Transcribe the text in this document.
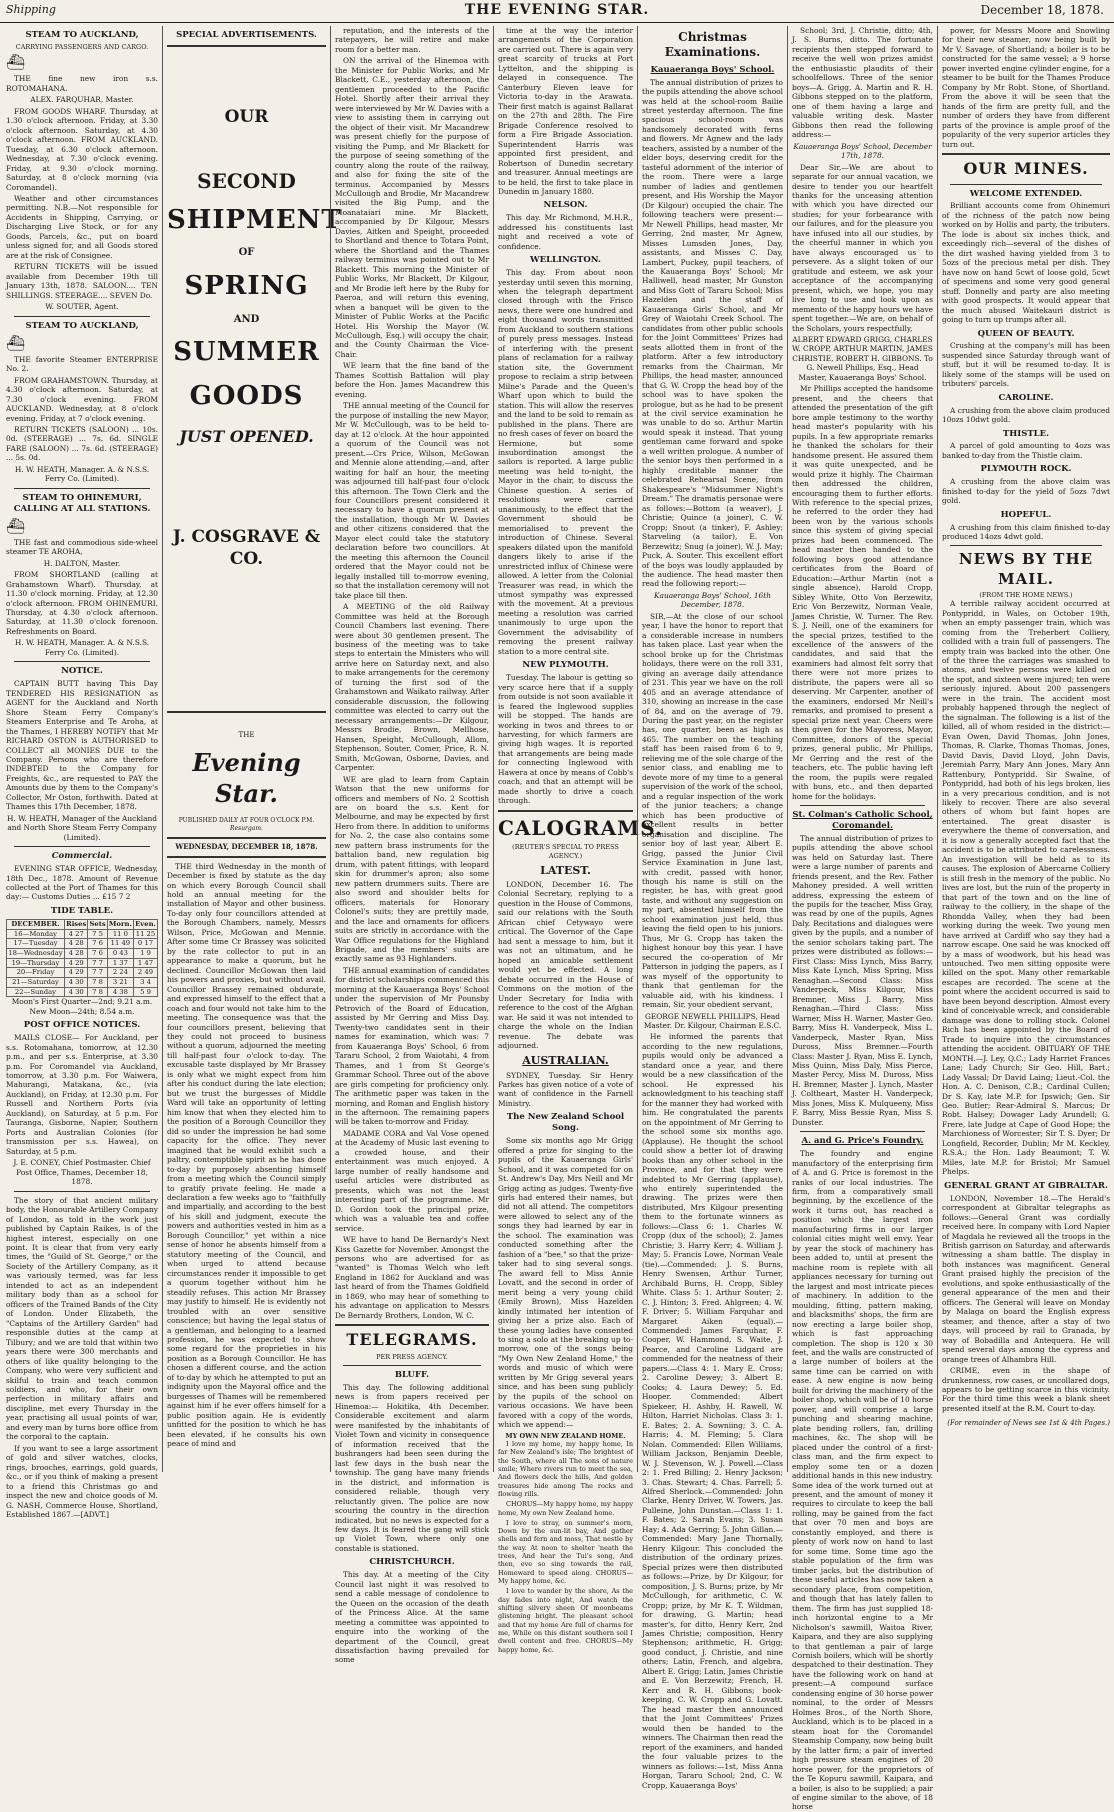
Shipping	THE EVENING STAR.	December 18, 1878.
STEAM TO AUCKLAND,
CARRYING PASSENGERS AND CARGO.
⛴

THE fine new iron s.s. ROTOMAHANA.

ALEX. FARQUHAR, Master.

FROM GOODS WHARF. Thursday, at 1.30 o'clock afternoon. Friday, at 3.30 o'clock afternoon. Saturday, at 4.30 o'clock afternoon. FROM AUCKLAND. Tuesday, at 6.30 o'clock afternoon. Wednesday, at 7.30 o'clock evening. Friday, at 9.30 o'clock morning. Saturday, at 8 o'clock morning (via Coromandel).

Weather and other circumstances permitting. N.B.—Not responsible for Accidents in Shipping, Carrying, or Discharging Live Stock, or for any Goods, Parcels, &c., put on board unless signed for, and all Goods stored are at the risk of Consignee.

RETURN TICKETS will be issued available from December 19th till January 13th, 1878. SALOON.... TEN SHILLINGS. STEERAGE.... SEVEN Do.

W. SOUTER, Agent.

STEAM TO AUCKLAND,
⛴

THE favorite Steamer ENTERPRISE No. 2.

FROM GRAHAMSTOWN. Thursday, at 4.30 o'clock afternoon. Saturday, at 7.30 o'clock evening. FROM AUCKLAND. Wednesday, at 8 o'clock evening. Friday, at 7 o'clock evening.

RETURN TICKETS (SALOON) ... 10s. 0d. (STEERAGE) ... 7s. 6d. SINGLE FARE (SALOON) ... 7s. 6d. (STEERAGE) ... 5s. 0d.

H. W. HEATH, Manager. A. & N.S.S. Ferry Co. (Limited).

STEAM TO OHINEMURI, CALLING AT ALL STATIONS.
⛴

THE fast and commodious side-wheel steamer TE AROHA,

H. DALTON, Master.

FROM SHORTLAND (calling at Grahamstown Wharf). Thursday, at 11.30 o'clock morning. Friday, at 12.30 o'clock afternoon. FROM OHINEMURI. Thursday, at 4.30 o'clock afternoon. Saturday, at 11.30 o'clock forenoon. Refreshments on Board.

H. W. HEATH, Manager. A. & N.S.S. Ferry Co. (Limited).

NOTICE.

CAPTAIN BUTT having This Day TENDERED HIS RESIGNATION as AGENT for the Auckland and North Shore Steam Ferry Company's Steamers Enterprise and Te Aroha, at the Thames, I HEREBY NOTIFY that Mr RICHARD OSTON is AUTHORISED to COLLECT all MONIES DUE to the Company. Persons who are therefore INDEBTED to the Company for Freights, &c., are requested to PAY the Amounts due by them to the Company's Collector, Mr Oston, forthwith. Dated at Thames this 17th December, 1878.

H. W. HEATH, Manager of the Auckland and North Shore Steam Ferry Company (Limited).

Commercial.

EVENING STAR OFFICE, Wednesday, 18th Dec., 1878. Amount of Revenue collected at the Port of Thames for this day:— Customs Duties ... £15 7 2

TIDE TABLE.
DECEMBER.	Rises	Sets	Morn.	Even.
16—Monday	4 27	7 5	11 0	11 25
17—Tuesday	4 28	7 6	11 49	0 17
18—Wednesday	4 28	7 6	0 43	1 9
19—Thursday	4 29	7 7	1 37	1 47
20—Friday	4 29	7 7	2 24	2 49
21—Saturday	4 30	7 8	3 21	3 4
22—Sunday	4 30	7 8	4 38	5 9

Moon's First Quarter—2nd; 9.21 a.m. New Moon—24th; 8.54 a.m.

POST OFFICE NOTICES.

MAILS CLOSE— For Auckland, per s.s. Rotomahana, tomorrow, at 12.30 p.m., and per s.s. Enterprise, at 3.30 p.m. For Coromandel via Auckland, tomorrow, at 3.30 p.m. For Waiwera, Mahurangi, Matakana, &c., (via Auckland), on Friday, at 12.30 p.m. For Russell and Northern Ports (via Auckland), on Saturday, at 5 p.m. For Tauranga, Gisborne, Napier, Southern Ports and Australian Colonies (for transmission per s.s. Hawea), on Saturday, at 5 p.m.

J. E. CONEY, Chief Postmaster. Chief Post Office, Thames, December 18, 1878.

The story of that ancient military body, the Honourable Artillery Company of London, as told in the work just published by Captain Raikes, is of the highest interest, especially on one point. It is clear that from very early times, the "Guild of St. George," or the Society of the Artillery Company, as it was variously termed, was far less intended to act as an independent military body than as a school for officers of the Trained Bands of the City of London. Under Elizabeth, the "Captains of the Artillery Garden" had responsible duties at the camp at Tilbury; and we are told that within two years there were 300 merchants and others of like quality belonging to the Company, who were very sufficient and skilful to train and teach common soldiers, and who, for their own perfection in military affairs and discipline, met every Thursday in the year, practising all usual points of war, and every man by turns bore office from the corporal to the captain.

If you want to see a large assortment of gold and silver watches, clocks, rings, brooches, earrings, gold guards, &c., or if you think of making a present to a friend this Christmas go and inspect the new and choice goods of M. G. NASH, Commerce House, Shortland, Established 1867.—[ADVT.]

SPECIAL ADVERTISEMENTS.
OUR
SECOND
SHIPMENT
OF
SPRING
AND
SUMMER
GOODS
JUST OPENED.
J. COSGRAVE & CO.
THE
Evening Star.
PUBLISHED DAILY AT FOUR O'CLOCK P.M.
Resurgam.
WEDNESDAY, DECEMBER 18, 1878.

THE third Wednesday in the month of December is fixed by statute as the day on which every Borough Council shall hold an annual meeting for the installation of Mayor and other business. To-day only four councillors attended at the Borough Chambers, namely, Messrs Wilson, Price, McGowan and Mennie. After some time Cr Brassey was solicited by the rate collector to put in an appearance to make a quorum, but he declined. Councillor McGowan then laid his powers and proxies, but without avail. Councillor Brassey remained obdurate, and expressed himself to the effect that a coach and four would not take him to the meeting. The consequence was that the four councillors present, believing that they could not proceed to business without a quorum, adjourned the meeting till half-past four o'clock to-day. The excusable taste displayed by Mr Brassey is only what we might expect from him after his conduct during the late election; but we trust the burgesses of Middle Ward will take an opportunity of letting him know that when they elected him to the position of a Borough Councillor they did so under the impression he had some capacity for the office. They never imagined that he would exhibit such a paltry, contemptible spirit as he has done to-day by purposely absenting himself from a meeting which the Council simply to gratify private feeling. He made a declaration a few weeks ago to "faithfully and impartially, and according to the best of his skill and judgment, execute the powers and authorities vested in him as a Borough Councillor," yet within a nice sense of honor he absents himself from a statutory meeting of the Council, and when urged to attend because circumstances render it impossible to get a quorum together without him he steadily refuses. This action Mr Brassey may justify to himself. He is evidently not troubled with an over sensitive conscience; but having the legal status of a gentleman, and belonging to a learned profession, he was expected to show some regard for the proprieties in his position as a Borough Councillor. He has chosen a different course, and the action of to-day by which he attempted to put an indignity upon the Mayoral office and the burgesses of Thames will be remembered against him if he ever offers himself for a public position again. He is evidently unfitted for the position to which he has been elevated, if he consults his own peace of mind and

reputation, and the interests of the ratepayers, he will retire and make room for a better man.

ON the arrival of the Hinemoa with the Minister for Public Works, and Mr Blackett, C.E., yesterday afternoon, the gentlemen proceeded to the Pacific Hotel. Shortly after their arrival they were interviewed by Mr W. Davies with a view to assisting them in carrying out the object of their visit. Mr Macandrew was present chiefly for the purpose of visiting the Pump, and Mr Blackett for the purpose of seeing something of the country along the route of the railway, and also for fixing the site of the terminus. Accompanied by Messrs McCullough and Brodie, Mr Macandrew visited the Big Pump, and the Moanataiari mine. Mr Blackett, accompanied by Dr Kilgour, Messrs Davies, Aitken and Speight, proceeded to Shortland and thence to Totara Point, where the Shortland and the Thames railway terminus was pointed out to Mr Blackett. This morning the Minister of Public Works, Mr Blackett, Dr Kilgour, and Mr Brodie left here by the Ruby for Paeroa, and will return this evening, when a banquet will be given to the Minister of Public Works at the Pacific Hotel. His Worship the Mayor (W. McCullough, Esq.) will occupy the chair, and the County Chairman the Vice-Chair.

WE learn that the fine band of the Thames Scottish Battalion will play before the Hon. James Macandrew this evening.

THE annual meeting of the Council for the purpose of installing the new Mayor, Mr W. McCullough, was to be held to-day at 12 o'clock. At the hour appointed a quorum of the Council was not present.—Crs Price, Wilson, McGowan and Mennie alone attending,—and, after waiting for half an hour, the meeting was adjourned till half-past four o'clock this afternoon. The Town Clerk and the four Councillors present considered it necessary to have a quorum present at the installation, though Mr W. Davies and other citizens considered that the Mayor elect could take the statutory declaration before two councillors. At the meeting this afternoon the Council ordered that the Mayor could not be legally installed till to-morrow evening, so that the installation ceremony will not take place till then.

A MEETING of the old Railway Committee was held at the Borough Council Chambers last evening. There were about 30 gentlemen present. The business of the meeting was to take steps to entertain the Ministers who will arrive here on Saturday next, and also to make arrangements for the ceremony of turning the first sod of the Grahamstown and Waikato railway. After considerable discussion, the following committee was elected to carry out the necessary arrangements:—Dr Kilgour, Messrs Brodie, Brown, Mellhose, Hansen, Speight, McCullough, Allom, Stephenson, Souter, Comer, Price, R. N. Smith, McGowan, Osborne, Davies, and Carpenter.

WE are glad to learn from Captain Watson that the new uniforms for officers and members of No. 2 Scottish are on board the s.s. Kent for Melbourne, and may be expected by first Hero from there. In addition to uniforms for No. 2, the case also contains some new pattern brass instruments for the battalion band, new regulation big drum, with patent fittings, with leopard skin for drummer's apron; also some new pattern drummers suits. There are also sword and shoulder belts for officers, materials for Honorary Colonel's suits; they are prettily made, and the lace and ornaments for officers suits are strictly in accordance with the War Office regulations for the Highland Brigade, and the members' suits are exactly same as 93 Highlanders.

THE annual examination of candidates for district scholarships commenced this morning at the Kauaeranga Boys' School under the supervision of Mr Pounsby Petrovich of the Board of Education, assisted by Mr Gerring and Miss Day. Twenty-two candidates sent in their names for examination, which was: 7 from Kauaeranga Boys' School, 6 from Tararu School, 2 from Waiotahi, 4 from Thames, and 1 from St George's Grammar School. Three out of the above are girls competing for proficiency only. The arithmetic paper was taken in the morning, and Roman and English history in the afternoon. The remaining papers will be taken to-morrow and Friday.

MADAME CORA and Val Vose opened at the Academy of Music last evening to a crowded house, and their entertainment was much enjoyed. A large number of really handsome and useful articles were distributed as presents, which was not the least interesting part of the programme. Mr D. Gordon took the principal prize, which was a valuable tea and coffee service.

WE have to hand De Bernardy's Next Kiss Gazette for November. Amongst the persons who are advertised for as "wanted" is Thomas Welch who left England in 1862 for Auckland and was last heard of from the Thames Goldfield in 1869, who may hear of something to his advantage on application to Messrs De Bernardy Brothers, London, W. C.

TELEGRAMS.
PER PRESS AGENCY.
BLUFF.

This day. The following additional news is from papers received per Hinemoa:— Hokitika, 4th December. Considerable excitement and alarm were manifested by the inhabitants of Violet Town and vicinity in consequence of information received that the bushrangers had been seen during the last few days in the bush near the township. The gang have many friends in the district, and information is considered reliable, though very reluctantly given. The police are now scouring the country in the direction indicated, but no news is expected for a few days. It is feared the gang will stick up Violet Town, where only one constable is stationed.

CHRISTCHURCH.

This day. At a meeting of the City Council last night it was resolved to send a cable message of condolence to the Queen on the occasion of the death of the Princess Alice. At the same meeting a committee was appointed to enquire into the working of the department of the Council, great dissatisfaction having prevailed for some

time at the way the interior arrangements of the Corporation are carried out. There is again very great scarcity of trucks at Port Lyttelton, and the shipping is delayed in consequence. The Canterbury Eleven leave for Victoria to-day in the Arawata. Their first match is against Ballarat on the 27th and 28th. The Fire Brigade Conference resolved to form a Fire Brigade Association. Superintendent Harris was appointed first president, and Robertson of Dunedin secretary and treasurer. Annual meetings are to be held, the first to take place in Dunedin in January 1880.

NELSON.

This day. Mr Richmond, M.H.R., addressed his constituents last night and received a vote of confidence.

WELLINGTON.

This day. From about noon yesterday until seven this morning, when the telegraph department closed through with the Frisco news, there were one hundred and eight thousand words transmitted from Auckland to southern stations of purely press messages. Instead of interfering with the present plans of reclamation for a railway station site, the Government propose to reclaim a strip between Milne's Parade and the Queen's Wharf upon which to build the station. This will allow the reserves and the land to be sold to remain as published in the plans. There are no fresh cases of fever on board the Hermione, but some insubordination amongst the sailors is reported. A large public meeting was held to-night, the Mayor in the chair, to discuss the Chinese question. A series of resolutions were carried unanimously, to the effect that the Government should be memorialised to prevent the introduction of Chinese. Several speakers dilated upon the manifold dangers likely to arise if the unrestricted influx of Chinese were allowed. A letter from the Colonial Treasurer was read, in which the utmost sympathy was expressed with the movement. At a previous meeting a resolution was carried unanimously to urge upon the Government the advisability of removing the present railway station to a more central site.

NEW PLYMOUTH.

Tuesday. The labour is getting so very scarce here that if a supply from outside is not soon available it is feared the Inglewood supplies will be stopped. The hands are working in twos and threes to or harvesting, for which farmers are giving high wages. It is reported that arrangements are being made for connecting Inglewood with Hawera at once by means of Cobb's coach, and that an attempt will be made shortly to drive a coach through.

CALOGRAMS.
(REUTER'S SPECIAL TO PRESS AGENCY.)
LATEST.

LONDON, December 16. The Colonial Secretary, replying to a question in the House of Commons, said our relations with the South African chief Cetywayo were critical. The Governor of the Cape had sent a message to him, but it was not an ultimatum, and he hoped an amicable settlement would yet be effected. A long debate occurred in the House of Commons on the motion of the Under Secretary for India with reference to the cost of the Afghan war. He said it was not intended to charge the whole on the Indian revenue. The debate was adjourned.

AUSTRALIAN.

SYDNEY, Tuesday. Sir Henry Parkes has given notice of a vote of want of confidence in the Farnell Ministry.

The New Zealand School Song.

Some six months ago Mr Grigg offered a prize for singing to the pupils of the Kauaeranga Girls' School, and it was competed for on St. Andrew's Day, Mrs Neill and Mr Grigg acting as judges. Twenty-five girls had entered their names, but did not all attend. The competitors were allowed to select any of the songs they had learned by ear in the school. The examination was conducted something after the fashion of a "bee," so that the prize-taker had to sing several songs. The award fell to Miss Annie Lovatt, and the second in order of merit being a very young child (Emily Brown), Miss Hazelden kindly intimated her intention of giving her a prize also. Each of these young ladies have consented to sing a solo at the breaking up to-morrow, one of the songs being "My Own New Zealand Home," the words and music of which were written by Mr Grigg several years since, and has been sung publicly by the pupils of the school on various occasions. We have been favored with a copy of the words, which we append:—

MY OWN NEW ZEALAND HOME.

I love my home, my happy home, In far New Zealand's isle; The brightest of the South, where all The sons of nature smile; Where rivers run to meet the sea, And flowers deck the hills, And golden treasures hide among The rocks and flowing rills.

CHORUS—My happy home, my happy home, My own New Zealand home.

I love to stray, on summer's morn, Down by the sun-lit bay, And gather shells and fern and moss, That nestle by the way. At noon to shelter 'neath the trees, And hear the Tui's song, And then, eve so sing towards the rail, Homeward to speed along. CHORUS—My happy home, &c.

I love to wander by the shore, As the day fades into night, And watch the shifting silvery sheen Of moonbeams glistening bright. The pleasant school and that my home Are full of charms for me, While on this distant southern soil I dwell content and free. CHORUS—My happy home, &c.

Christmas Examinations.
Kauaeranga Boys' School.

The annual distribution of prizes to the pupils attending the above school was held at the school-room Bailie street yesterday afternoon. The fine spacious school-room was handsomely decorated with ferns and flowers. Mr Agnew and the lady teachers, assisted by a number of the elder boys, deserving credit for the tasteful adornment of the interior of the room. There were a large number of ladies and gentlemen present, and His Worship the Mayor (Dr Kilgour) occupied the chair. The following teachers were present:—Mr Newell Phillips, head master, Mr Gerring, 2nd master, Mr Agnew, Misses Lumsden Jones, Day, assistants, and Misses C. Day, Lambert, Puckey, pupil teachers, of the Kauaeranga Boys' School; Mr Halliwell, head master, Mr Gunston and Miss Gott of Tararu School; Miss Hazelden and the staff of Kauaeranga Girls' School, and Mr Grey of Waiotahi Creek School. The candidates from other public schools for the Joint Committees' Prizes had seats allotted them in front of the platform. After a few introductory remarks from the Chairman, Mr Phillips, the head master, announced that G. W. Cropp the head boy of the school was to have spoken the prologue, but as he had to be present at the civil service examination he was unable to do so. Arthur Martin would speak it instead. That young gentleman came forward and spoke a well written prologue. A number of the senior boys then performed in a highly creditable manner the celebrated Rehearsal Scene, from Shakespeare's "Midsummer Night's Dream." The dramatis personae were as follows:—Bottom (a weaver), J. Christie; Quince (a joiner), C. W. Cropp; Snout (a tinker), F. Ashley; Starveling (a tailor), E. Von Berzewitz; Snug (a joiner), W. J. May; Puck, A. Souter. This excellent effort of the boys was loudly applauded by the audience. The head master then read the following report:—

Kauaeranga Boys' School, 16th December, 1878.

SIR,—At the close of our school year, I have the honor to report that a considerable increase in numbers has taken place. Last year when the school broke up for the Christmas holidays, there were on the roll 331, giving an average daily attendance of 231. This year we have on the roll 405 and an average attendance of 310, showing an increase in the case of 84, and on the average of 79. During the past year, on the register has, one quarter, been as high as 465. The number on the teaching staff has been raised from 6 to 9, relieving me of the sole charge of the senior class, and enabling me to devote more of my time to a general supervision of the work of the school, and a regular inspection of the work of the junior teachers; a change which has been productive of excellent results in better organisation and discipline. The senior boy of last year, Albert E. Grigg, passed the Junior Civil Service Examination in June last, with credit, passed with honor, though his name is still on the register, he has, with great good taste, and without any suggestion on my part, absented himself from the school examination just held, thus leaving the field open to his juniors. Thus, Mr G. Cropp has taken the highest honour boy this year. I have secured the co-operation of Mr Patterson in judging the papers, as I was myself of the opportunity to thank that gentleman for the valuable aid, with his kindness. I remain, Sir, your obedient servant,

GEORGE NEWELL PHILLIPS, Head Master. Dr. Kilgour, Chairman E.S.C.

He informed the parents that according to the new regulations, pupils would only be advanced a standard once a year, and there would be a new classification of the school. He expressed his acknowledgment to his teaching staff for the manner they had worked with him. He congratulated the parents on the appointment of Mr Gerring to the school some six months ago. (Applause). He thought the school could show a better lot of drawing books than any other school in the Province, and for that they were indebted to Mr Gerring (applause), who entirely superintended the drawing. The prizes were then distributed, Mrs Kilgour presenting them to the fortunate winners as follows:—Class 6: 1. Charles W. Cropp (dux of the school); 2. James Christie; 3. Harry Kerr; 4. William J. May; 5. Francis Lowe, Norman Veale (tie).—Commended: J. S. Burns, Henry Swensen, Arthur Turner, Archibald Burns, H. Cropp, Sibley White. Class 5: 1. Arthur Souter; 2. C. J. Hinton; 3. Fred. Ahlgreen; 4. W. F. Driver; 5. William Farquhar and Margaret Aiken (equal).—Commended: James Farquhar, F. Cooper, W. Hammond, S. Waite, J. Pearce, and Caroline Lidgard are commended for the neatness of their papers.—Class 4: 1. Mary E. Cross; 2. Caroline Dewey; 3. Albert E. Cooks; 4. Laura Dewey; 5. Ed. Hooper. Commended: Albert Spiekeer, H. Ashby, H. Rawell, W. Hilton, Harriet Nicholas. Class 3: 1. E. Bates; 2. A. Sowniing; 3. C. A. Harris; 4. M. Fleming; 5. Clara Nolan. Commended: Ellen Williams, William Jackson, Benjamin Deeble, W. J. Stevenson, W. J. Powell.—Class 2: 1. Fred Billing; 2. Henry Jackson; 3. Chas. Stewart; 4. Chas. Farrell; 5. Alfred Sherlock.—Commended: John Clarke, Henry Driver, W. Towers, Jas. Pulleine, John Dunstan.—Class 1: 1. F. Bates; 2. Sarah Evans; 3. Susan Hay; 4. Ada Gerring; 5. John Gillan.—Commended: Mary Jane Thornally, Henry Kilgour. This concluded the distribution of the ordinary prizes. Special prizes were then distributed as follows:—Prize, by Dr Kilgour, for composition, J. S. Burns; prize, by Mr McCullough, for arithmetic, C. W. Cropp; prize, by Mr K. T. Wildman, for drawing, G. Martin; head master's, for ditto, Henry Kerr, 2nd James Christie; composition, Henry Stephenson; arithmetic, H. Grigg; good conduct, J. Christie, and nine others; Latin, French, and algebra, Albert E. Grigg; Latin, James Christie and E. Von Berzewitz; French, H. Kerr and R. H. Gibbons; book-keeping, C. W. Cropp and G. Lovatt. The head master then announced that the Joint Committees' Prizes would then be handed to the winners. The Chairman then read the report of the examiners, and handed the four valuable prizes to the winners as follows:—1st, Miss Anna Horgan, Tararu School; 2nd, C. W. Cropp, Kauaeranga Boys'

School; 3rd, J. Christie, ditto; 4th, J. S. Burns, ditto. The fortunate recipients then stepped forward to receive the well won prizes amidst the enthusiastic plaudits of their schoolfellows. Three of the senior boys—A. Grigg, A. Martin and R. H. Gibbons stepped on to the platform, one of them having a large and valuable writing desk. Master Gibbons then read the following address:—

Kauaeranga Boys' School, December 17th, 1878.

Dear Sir,—We are about to separate for our annual vacation, we desire to tender you our heartfelt thanks for the unceasing attention with which you have directed our studies; for your forbearance with our failures, and for the pleasure you have infused into all our studies, by the cheerful manner in which you have always encouraged us to persevere. As a slight token of our gratitude and esteem, we ask your acceptance of the accompanying present, which, we hope, you may live long to use and look upon as memento of the happy hours we have spent together.—We are, on behalf of the Scholars, yours respectfully,

ALBERT EDWARD GRIGG, CHARLES W. CROPP, ARTHUR MARTIN, JAMES CHRISTIE, ROBERT H. GIBBONS. To G. Newell Phillips, Esq., Head Master, Kauaeranga Boys' School.

Mr Phillips accepted the handsome present, and the cheers that attended the presentation of the gift bore ample testimony to the worthy head master's popularity with his pupils. In a few appropriate remarks he thanked the scholars for their handsome present. He assured them it was quite unexpected, and he would prize it highly. The Chairman then addressed the children, encouraging them to further efforts. With reference to the special prizes, he referred to the order they had been won by the various schools since this system of giving special prizes had been commenced. The head master then handed to the following boys good attendance certificates from the Board of Education:—Arthur Martin (not a single absence), Harold Cropp, Sibley White, Otto Von Berzewitz, Eric Von Berzewitz, Norman Veale, James Christie, W. Turner. The Rev. S. J. Neill, one of the examiners for the special prizes, testified to the excellence of the answers of the candidates, and said that the examiners had almost felt sorry that there were not more prizes to distribute, the papers were all so deserving. Mr Carpenter, another of the examiners, endorsed Mr Neill's remarks, and promised to present a special prize next year. Cheers were then given for the Mayoress, Mayor, Committee, donors of the special prizes, general public, Mr Phillips, Mr Gerring and the rest of the teachers, etc. The public having left the room, the pupils were regaled with buns, etc., and then departed home for the holidays.

St. Colman's Catholic School, Coromandel.

The annual distribution of prizes to pupils attending the above school was held on Saturday last. There were a large number of parents and friends present, and the Rev. Father Mahoney presided. A well written address, expressing the esteem of the pupils for the teacher, Miss Gray, was read by one of the pupils, Agnes Daly. Recitations and dialogues were given by the pupils, and a number of the senior scholars taking part. The prizes were distributed as follows:—First Class: Miss Lynch, Miss Barry, Miss Kate Lynch, Miss Spring, Miss Renaghan.—Second Class: Miss Vanderpeck, Miss Kilgour, Miss Bremner, Miss J. Barry, Miss Renaghan.—Third Class: Miss Warner, Miss H. Warner, Master Geo. Barry, Miss H. Vanderpeck, Miss L. Vanderpeck, Master Ryan, Miss Duross, Miss Bremner.—Fourth Class: Master J. Ryan, Miss E. Lynch, Miss Quinn, Miss Daly, Miss Pierce, Master Percy, Miss M. Duross, Miss H. Bremner, Master J. Lynch, Master J. Coltheart, Master H. Vanderpeck, Miss Jones, Miss K. Mulqueeny, Miss F. Barry, Miss Bessie Ryan, Miss S. Dunster.

A. and G. Price's Foundry.

The foundry and engine manufactory of the enterprising firm of A. and G. Price is foremost in the ranks of our local industries. The firm, from a comparatively small beginning, by the excellence of the work it turns out, has reached a position which the largest iron manufacturing firms in our larger colonial cities might well envy. Year by year the stock of machinery has been added to, until at present the machine room is replete with all appliances necessary for turning out the largest and most intricate pieces of machinery. In addition to the moulding, fitting, pattern making, and blacksmiths' shops, the firm are now erecting a large boiler shop, which is fast approaching completion. The shop is 120 x 30 feet, and the walls are constructed of a large number of boilers at the same time can be carried on with ease. A new engine is now being built for driving the machinery of the boiler shop, which will be of 10 horse power, and will comprise a large punching and shearing machine, plate bending rollers, fan, drilling machines, &c. The shop will be placed under the control of a first-class man, and the firm expect to employ some ten or a dozen additional hands in this new industry. Some idea of the work turned out at present, and the amount of money it requires to circulate to keep the ball rolling, may be gained from the fact that over 70 men and boys are constantly employed, and there is plenty of work now on hand to last for some time. Some time ago the stable population of the firm was timber jacks, but the distribution of these useful articles has now taken a secondary place, from competition, and though that has lately fallen to them. The firm has just supplied 18-inch horizontal engine to a Mr Nicholson's sawmill, Waitoa River, Kaipara, and they are also supplying to that gentleman a pair of large Cornish boilers, which will be shortly despatched to their destination. They have the following work on hand at present:—A compound surface condensing engine of 30 horse power nominal, to the order of Messrs Holmes Bros., of the North Shore, Auckland, which is to be placed in a steam boat for the Coromandel Steamship Company, now being built by the latter firm; a pair of inverted high pressure steam engines of 20 horse power, for the proprietors of the Te Kopuru sawmill, Kaipara, and a boiler, is also to be supplied; a pair of engine similar to the above, of 18 horse

power, for Messrs Moore and Snowling for their new steamer, now being built by Mr V. Savage, of Shortland; a boiler is to be constructed for the same vessel; a 9 horse power inverted engine cylinder engine, for a steamer to be built for the Thames Produce Company by Mr Robt. Stone, of Shortland. From the above it will be seen that the hands of the firm are pretty full, and the number of orders they have from different parts of the province is ample proof of the popularity of the very superior articles they turn out.

OUR MINES.
WELCOME EXTENDED.

Brilliant accounts come from Ohinemuri of the richness of the patch now being worked on by Hollis and party, the tributers. The lode is about six inches thick, and exceedingly rich—several of the dishes of the dirt washed having yielded from 3 to 5ozs of the precious metal per dish. They have now on hand 5cwt of loose gold, 5cwt of specimens and some very good general stuff. Donnelly and party are also meeting with good prospects. It would appear that the much abused Waitekauri district is going to turn up trumps after all.

QUEEN OF BEAUTY.

Crushing at the company's mill has been suspended since Saturday through want of stuff, but it will be resumed to-day. It is likely some of the stamps will be used on tributers' parcels.

CAROLINE.

A crushing from the above claim produced 10ozs 10dwt gold.

THISTLE.

A parcel of gold amounting to 4ozs was banked to-day from the Thistle claim.

PLYMOUTH ROCK.

A crushing from the above claim was finished to-day for the yield of 5ozs 7dwt gold.

HOPEFUL.

A crushing from this claim finished to-day produced 14ozs 4dwt gold.

NEWS BY THE MAIL.
(FROM THE HOME NEWS.)

A terrible railway accident occurred at Pontypridd, in Wales, on October 19th, when an empty passenger train, which was coming from the Treherbert Colliery, collided with a train full of passengers. The empty train was backed into the other. One of the three the carriages was smashed to atoms, and twelve persons were killed on the spot, and sixteen were injured; ten were seriously injured. About 200 passengers were in the train. The accident most probably happened through the neglect of the signalman. The following is a list of the killed, all of whom resided in the district:—Evan Owen, David Thomas, John Jones, Thomas, R. Clarke, Thomas Thomas, Jones, David Davis, David Lloyd, John Davis, Jeremiah Parry, Mary Ann Jones, Mary Ann Rattenbury, Pontypridd. Sir Swalne, of Pontypridd, had both of his legs broken, lies in a very precarious condition, and is not likely to recover. There are also several others of whom but faint hopes are entertained. The great disaster is everywhere the theme of conversation, and it is now a generally accepted fact that the accident is to be attributed to carelessness. An investigation will be held as to its causes. The explosion of Abercarne Colliery is still fresh in the memory of the public. No lives are lost, but the ruin of the property in that part of the town and on the line of railway to the colliery, in the shape of the Rhondda Valley, when they had been working during the week. Two young men have arrived at Cardiff who say they had a narrow escape. One said he was knocked off by a mass of woodwork, but his head was untouched. Two men sitting opposite were killed on the spot. Many other remarkable escapes are recorded. The scene at the point where the accident occurred is said to have been beyond description. Almost every kind of conceivable wreck, and considerable damage was done to rolling stock. Colonel Rich has been appointed by the Board of Trade to inquire into the circumstances attending the accident. OBITUARY OF THE MONTH.—J. Ley, Q.C.; Lady Harriet Frances Lane; Lady Church; Sir Geo. Hill, Bart.; Lady Vassal; Dr David Laing; Lieut.-Col. the Hon. A. C. Denison, C.B.; Cardinal Cullen; Dr S. Kay, late M.P. for Ipswich; Gen. Sir Geo. Butler; Rear-Admiral S. Marcus; Dr Robt. Halsey; Dowager Lady Arundell; G. Frere, late Judge at Cape of Good Hope; the Marchioness of Worcester; Sir T. S. Dyer; Dr Longfield, Recorder, Dublin; Mr M. Keckley, R.S.A.; the Hon. Lady Beaumont; T. W. Miles, late M.P. for Bristol; Mr Samuel Phelps.

GENERAL GRANT AT GIBRALTAR.

LONDON, November 18.—The Herald's correspondent at Gibraltar telegraphs as follows:—General Grant was cordially received here. In company with Lord Napier of Magdala he reviewed all the troops in the British garrison on Saturday, and afterwards witnessing a sham battle. The display in both instances was magnificent. General Grant praised highly the precision of the evolutions, and spoke enthusiastically of the general appearance of the men and their officers. The General will leave on Monday by Malaga on board the English express steamer, and thence, after a stay of two days, will proceed by rail to Granada, by way of Bobadilla and Antequera. He will spend several days among the cypress and orange trees of Alhambra Hill.

CRIME, even in the shape of drunkenness, row cases, or uncollared dogs, appears to be getting scarce in this vicinity. For the third time this week a blank sheet presented itself at the R.M. Court to-day.

(For remainder of News see 1st & 4th Pages.)
